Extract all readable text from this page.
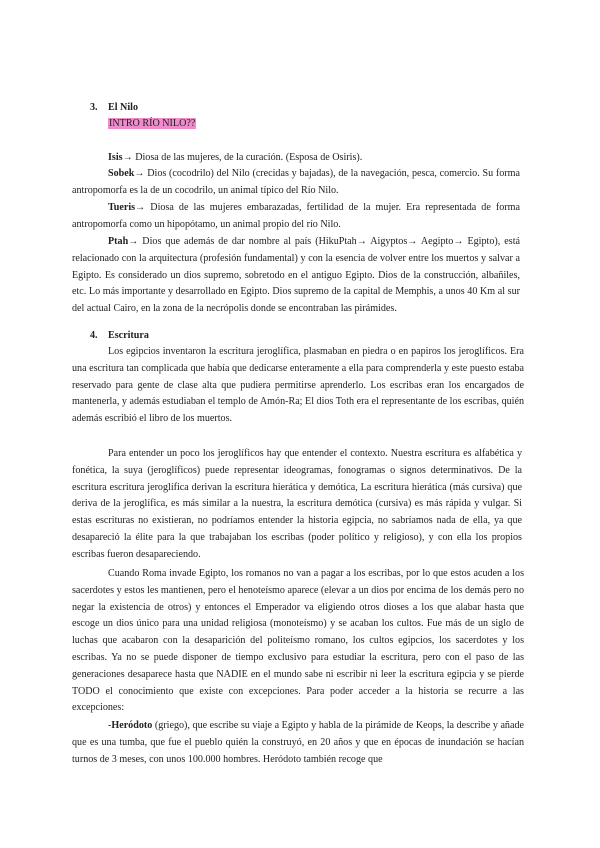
3. El Nilo
INTRO RÍO NILO??
Isis→ Diosa de las mujeres, de la curación. (Esposa de Osiris).
Sobek→ Dios (cocodrilo) del Nilo (crecidas y bajadas), de la navegación, pesca, comercio. Su forma antropomorfa es la de un cocodrilo, un animal típico del Río Nilo.
Tueris→ Diosa de las mujeres embarazadas, fertilidad de la mujer. Era representada de forma antropomorfa como un hipopótamo, un animal propio del río Nilo.
Ptah→ Dios que además de dar nombre al país (HikuPtah→ Aigyptos→ Aegipto→ Egipto), está relacionado con la arquitectura (profesión fundamental) y con la esencia de volver entre los muertos y salvar a Egipto. Es considerado un dios supremo, sobretodo en el antiguo Egipto. Dios de la construcción, albañiles, etc. Lo más importante y desarrollado en Egipto. Dios supremo de la capital de Memphis, a unos 40 Km al sur del actual Cairo, en la zona de la necrópolis donde se encontraban las pirámides.
4. Escritura
Los egipcios inventaron la escritura jeroglífica, plasmaban en piedra o en papiros los jeroglíficos. Era una escritura tan complicada que había que dedicarse enteramente a ella para comprenderla y este puesto estaba reservado para gente de clase alta que pudiera permitirse aprenderlo. Los escribas eran los encargados de mantenerla, y además estudiaban el templo de Amón-Ra; El dios Toth era el representante de los escribas, quién además escribió el libro de los muertos.
Para entender un poco los jeroglíficos hay que entender el contexto. Nuestra escritura es alfabética y fonética, la suya (jeroglíficos) puede representar ideogramas, fonogramas o signos determinativos. De la escritura escritura jeroglífica derivan la escritura hierática y demótica, La escritura hierática (más cursiva) que deriva de la jeroglífica, es más similar a la nuestra, la escritura demótica (cursiva) es más rápida y vulgar. Si estas escrituras no existieran, no podríamos entender la historia egipcia, no sabríamos nada de ella, ya que desapareció la élite para la que trabajaban los escribas (poder político y religioso), y con ella los propios escribas fueron desapareciendo.
Cuando Roma invade Egipto, los romanos no van a pagar a los escribas, por lo que estos acuden a los sacerdotes y estos les mantienen, pero el henoteísmo aparece (elevar a un dios por encima de los demás pero no negar la existencia de otros) y entonces el Emperador va eligiendo otros dioses a los que alabar hasta que escoge un dios único para una unidad religiosa (monoteísmo) y se acaban los cultos. Fue más de un siglo de luchas que acabaron con la desaparición del politeísmo romano, los cultos egipcios, los sacerdotes y los escribas. Ya no se puede disponer de tiempo exclusivo para estudiar la escritura, pero con el paso de las generaciones desaparece hasta que NADIE en el mundo sabe ni escribir ni leer la escritura egipcia y se pierde TODO el conocimiento que existe con excepciones. Para poder acceder a la historia se recurre a las excepciones:
-Heródoto (griego), que escribe su viaje a Egipto y habla de la pirámide de Keops, la describe y añade que es una tumba, que fue el pueblo quién la construyó, en 20 años y que en épocas de inundación se hacían turnos de 3 meses, con unos 100.000 hombres. Heródoto también recoge que
